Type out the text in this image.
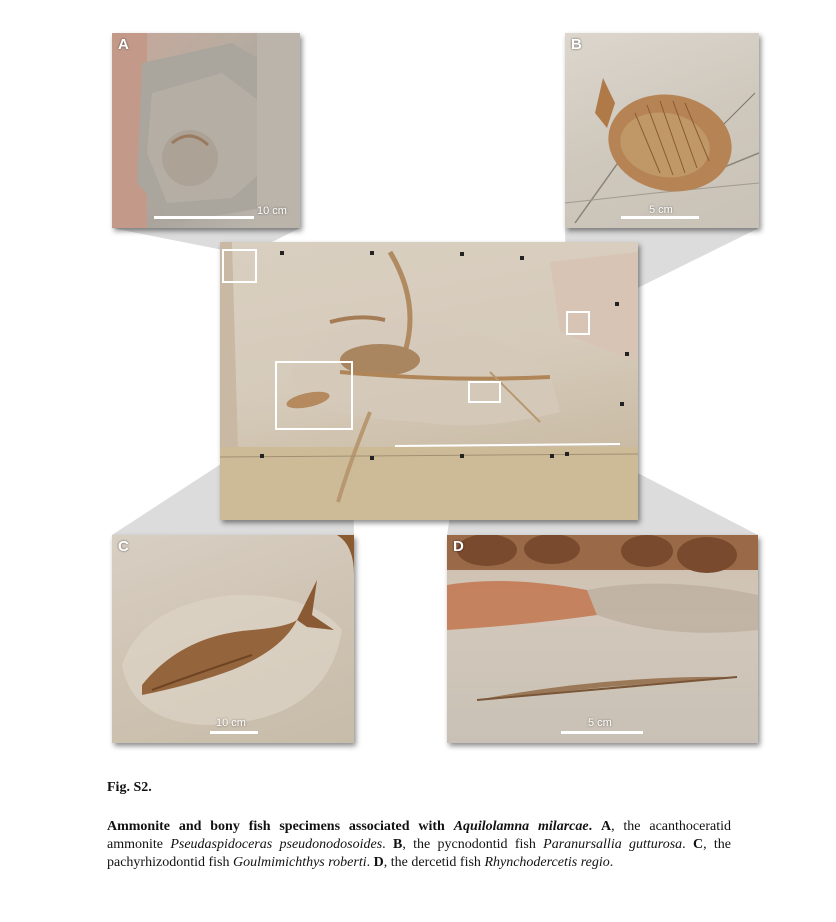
A
10 cm
B
5 cm
C
10 cm
D
5 cm

Fig. S2.

Ammonite and bony fish specimens associated with Aquilolamna milarcae. A, the acanthoceratid ammonite Pseudaspidoceras pseudonodosoides. B, the pycnodontid fish Paranursallia gutturosa. C, the pachyrhizodontid fish Goulmimichthys roberti. D, the dercetid fish Rhynchodercetis regio.
